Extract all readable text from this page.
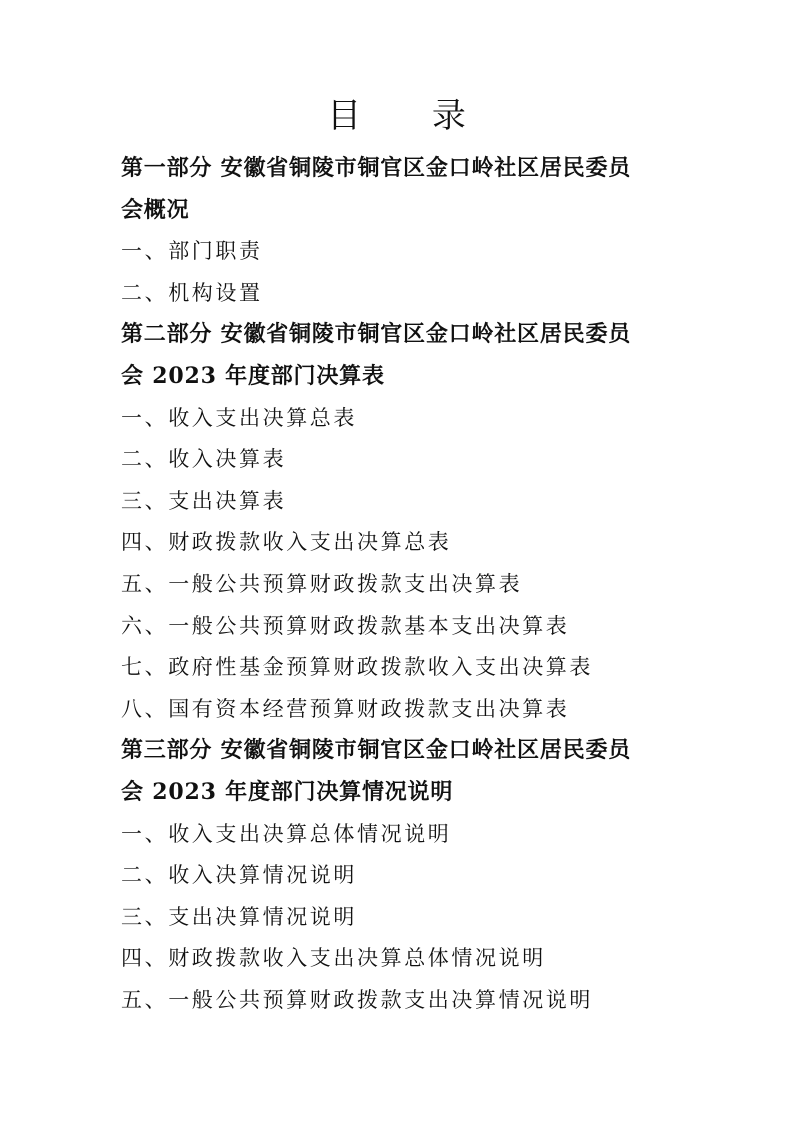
目 录
第一部分 安徽省铜陵市铜官区金口岭社区居民委员
会概况
一、部门职责
二、机构设置
第二部分 安徽省铜陵市铜官区金口岭社区居民委员
会 2023 年度部门决算表
一、收入支出决算总表
二、收入决算表
三、支出决算表
四、财政拨款收入支出决算总表
五、一般公共预算财政拨款支出决算表
六、一般公共预算财政拨款基本支出决算表
七、政府性基金预算财政拨款收入支出决算表
八、国有资本经营预算财政拨款支出决算表
第三部分 安徽省铜陵市铜官区金口岭社区居民委员
会 2023 年度部门决算情况说明
一、收入支出决算总体情况说明
二、收入决算情况说明
三、支出决算情况说明
四、财政拨款收入支出决算总体情况说明
五、一般公共预算财政拨款支出决算情况说明
